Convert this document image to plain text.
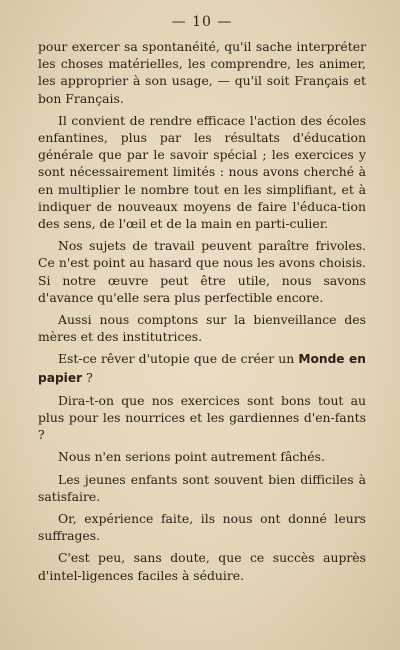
— 10 —

pour exercer sa spontanéité, qu'il sache interpréter les choses matérielles, les comprendre, les animer, les approprier à son usage, — qu'il soit Français et bon Français.

Il convient de rendre efficace l'action des écoles enfantines, plus par les résultats d'éducation générale que par le savoir spécial ; les exercices y sont nécessairement limités : nous avons cherché à en multiplier le nombre tout en les simplifiant, et à indiquer de nouveaux moyens de faire l'éduca-tion des sens, de l'œil et de la main en parti-culier.

Nos sujets de travail peuvent paraître frivoles. Ce n'est point au hasard que nous les avons choisis. Si notre œuvre peut être utile, nous savons d'avance qu'elle sera plus perfectible encore.

Aussi nous comptons sur la bienveillance des mères et des institutrices.

Est-ce rêver d'utopie que de créer un Monde en papier ?

Dira-t-on que nos exercices sont bons tout au plus pour les nourrices et les gardiennes d'en-fants ?

Nous n'en serions point autrement fâchés.

Les jeunes enfants sont souvent bien difficiles à satisfaire.

Or, expérience faite, ils nous ont donné leurs suffrages.

C'est peu, sans doute, que ce succès auprès d'intel-ligences faciles à séduire.
